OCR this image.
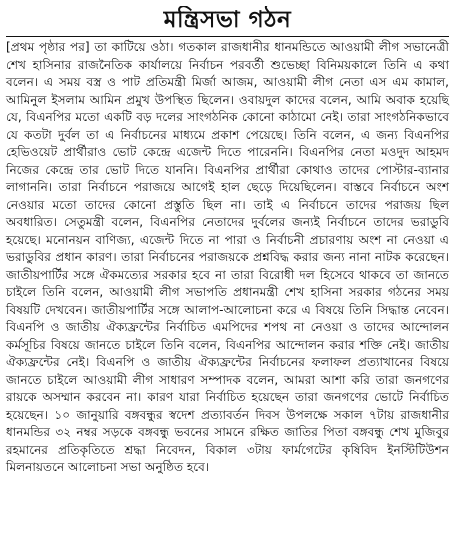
মন্ত্রিসভা গঠন

[প্রথম পৃষ্ঠার পর] তা কাটিয়ে ওঠা। গতকাল রাজধানীর ধানমন্ডিতে আওয়ামী লীগ সভানেত্রী শেখ হাসিনার রাজনৈতিক কার্যালয়ে নির্বাচন পরবর্তী শুভেচ্ছা বিনিময়কালে তিনি এ কথা বলেন। এ সময় বস্ত্র ও পাট প্রতিমন্ত্রী মির্জা আজম, আওয়ামী লীগ নেতা এস এম কামাল, আমিনুল ইসলাম আমিন প্রমুখ উপস্থিত ছিলেন। ওবায়দুল কাদের বলেন, আমি অবাক হয়েছি যে, বিএনপির মতো একটি বড় দলের সাংগঠনিক কোনো কাঠামো নেই। তারা সাংগঠনিকভাবে যে কতটা দুর্বল তা এ নির্বাচনের মাধ্যমে প্রকাশ পেয়েছে। তিনি বলেন, এ জন্য বিএনপির হেভিওয়েট প্রার্থীরাও ভোট কেন্দ্রে এজেন্ট দিতে পারেননি। বিএনপির নেতা মওদুদ আহমদ নিজের কেন্দ্রে তার ভোট দিতে যাননি। বিএনপির প্রার্থীরা কোথাও তাদের পোস্টার-ব্যানার লাগাননি। তারা নির্বাচনে পরাজয়ে আগেই হাল ছেড়ে দিয়েছিলেন। বাস্তবে নির্বাচনে অংশ নেওয়ার মতো তাদের কোনো প্রস্তুতি ছিল না। তাই এ নির্বাচনে তাদের পরাজয় ছিল অবধারিত। সেতুমন্ত্রী বলেন, বিএনপির নেতাদের দুর্বলের জন্যই নির্বাচনে তাদের ভরাডুবি হয়েছে। মনোনয়ন বাণিজ্য, এজেন্ট দিতে না পারা ও নির্বাচনী প্রচারণায় অংশ না নেওয়া এ ভরাডুবির প্রধান কারণ। তারা নির্বাচনের পরাজয়কে প্রশ্নবিদ্ধ করার জন্য নানা নাটক করেছেন। জাতীয়পার্টির সঙ্গে ঐকমত্যের সরকার হবে না তারা বিরোধী দল হিসেবে থাকবে তা জানতে চাইলে তিনি বলেন, আওয়ামী লীগ সভাপতি প্রধানমন্ত্রী শেখ হাসিনা সরকার গঠনের সময় বিষয়টি দেখবেন। জাতীয়পার্টির সঙ্গে আলাপ-আলোচনা করে এ বিষয়ে তিনি সিদ্ধান্ত নেবেন। বিএনপি ও জাতীয় ঐক্যফ্রন্টের নির্বাচিত এমপিদের শপথ না নেওয়া ও তাদের আন্দোলন কর্মসূচির বিষয়ে জানতে চাইলে তিনি বলেন, বিএনপির আন্দোলন করার শক্তি নেই। জাতীয় ঐক্যফ্রন্টের নেই। বিএনপি ও জাতীয় ঐক্যফ্রন্টের নির্বাচনের ফলাফল প্রত্যাখানের বিষয়ে জানতে চাইলে আওয়ামী লীগ সাধারণ সম্পাদক বলেন, আমরা আশা করি তারা জনগণের রায়কে অসম্মান করবেন না। কারণ যারা নির্বাচিত হয়েছেন তারা জনগণের ভোটে নির্বাচিত হয়েছেন। ১০ জানুয়ারি বঙ্গবন্ধুর স্বদেশ প্রত্যাবর্তন দিবস উপলক্ষে সকাল ৭টায় রাজধানীর ধানমন্ডির ৩২ নম্বর সড়কে বঙ্গবন্ধু ভবনের সামনে রক্ষিত জাতির পিতা বঙ্গবন্ধু শেখ মুজিবুর রহমানের প্রতিকৃতিতে শ্রদ্ধা নিবেদন, বিকাল ৩টায় ফার্মগেটের কৃষিবিদ ইনস্টিটিউশন মিলনায়তনে আলোচনা সভা অনুষ্ঠিত হবে।
